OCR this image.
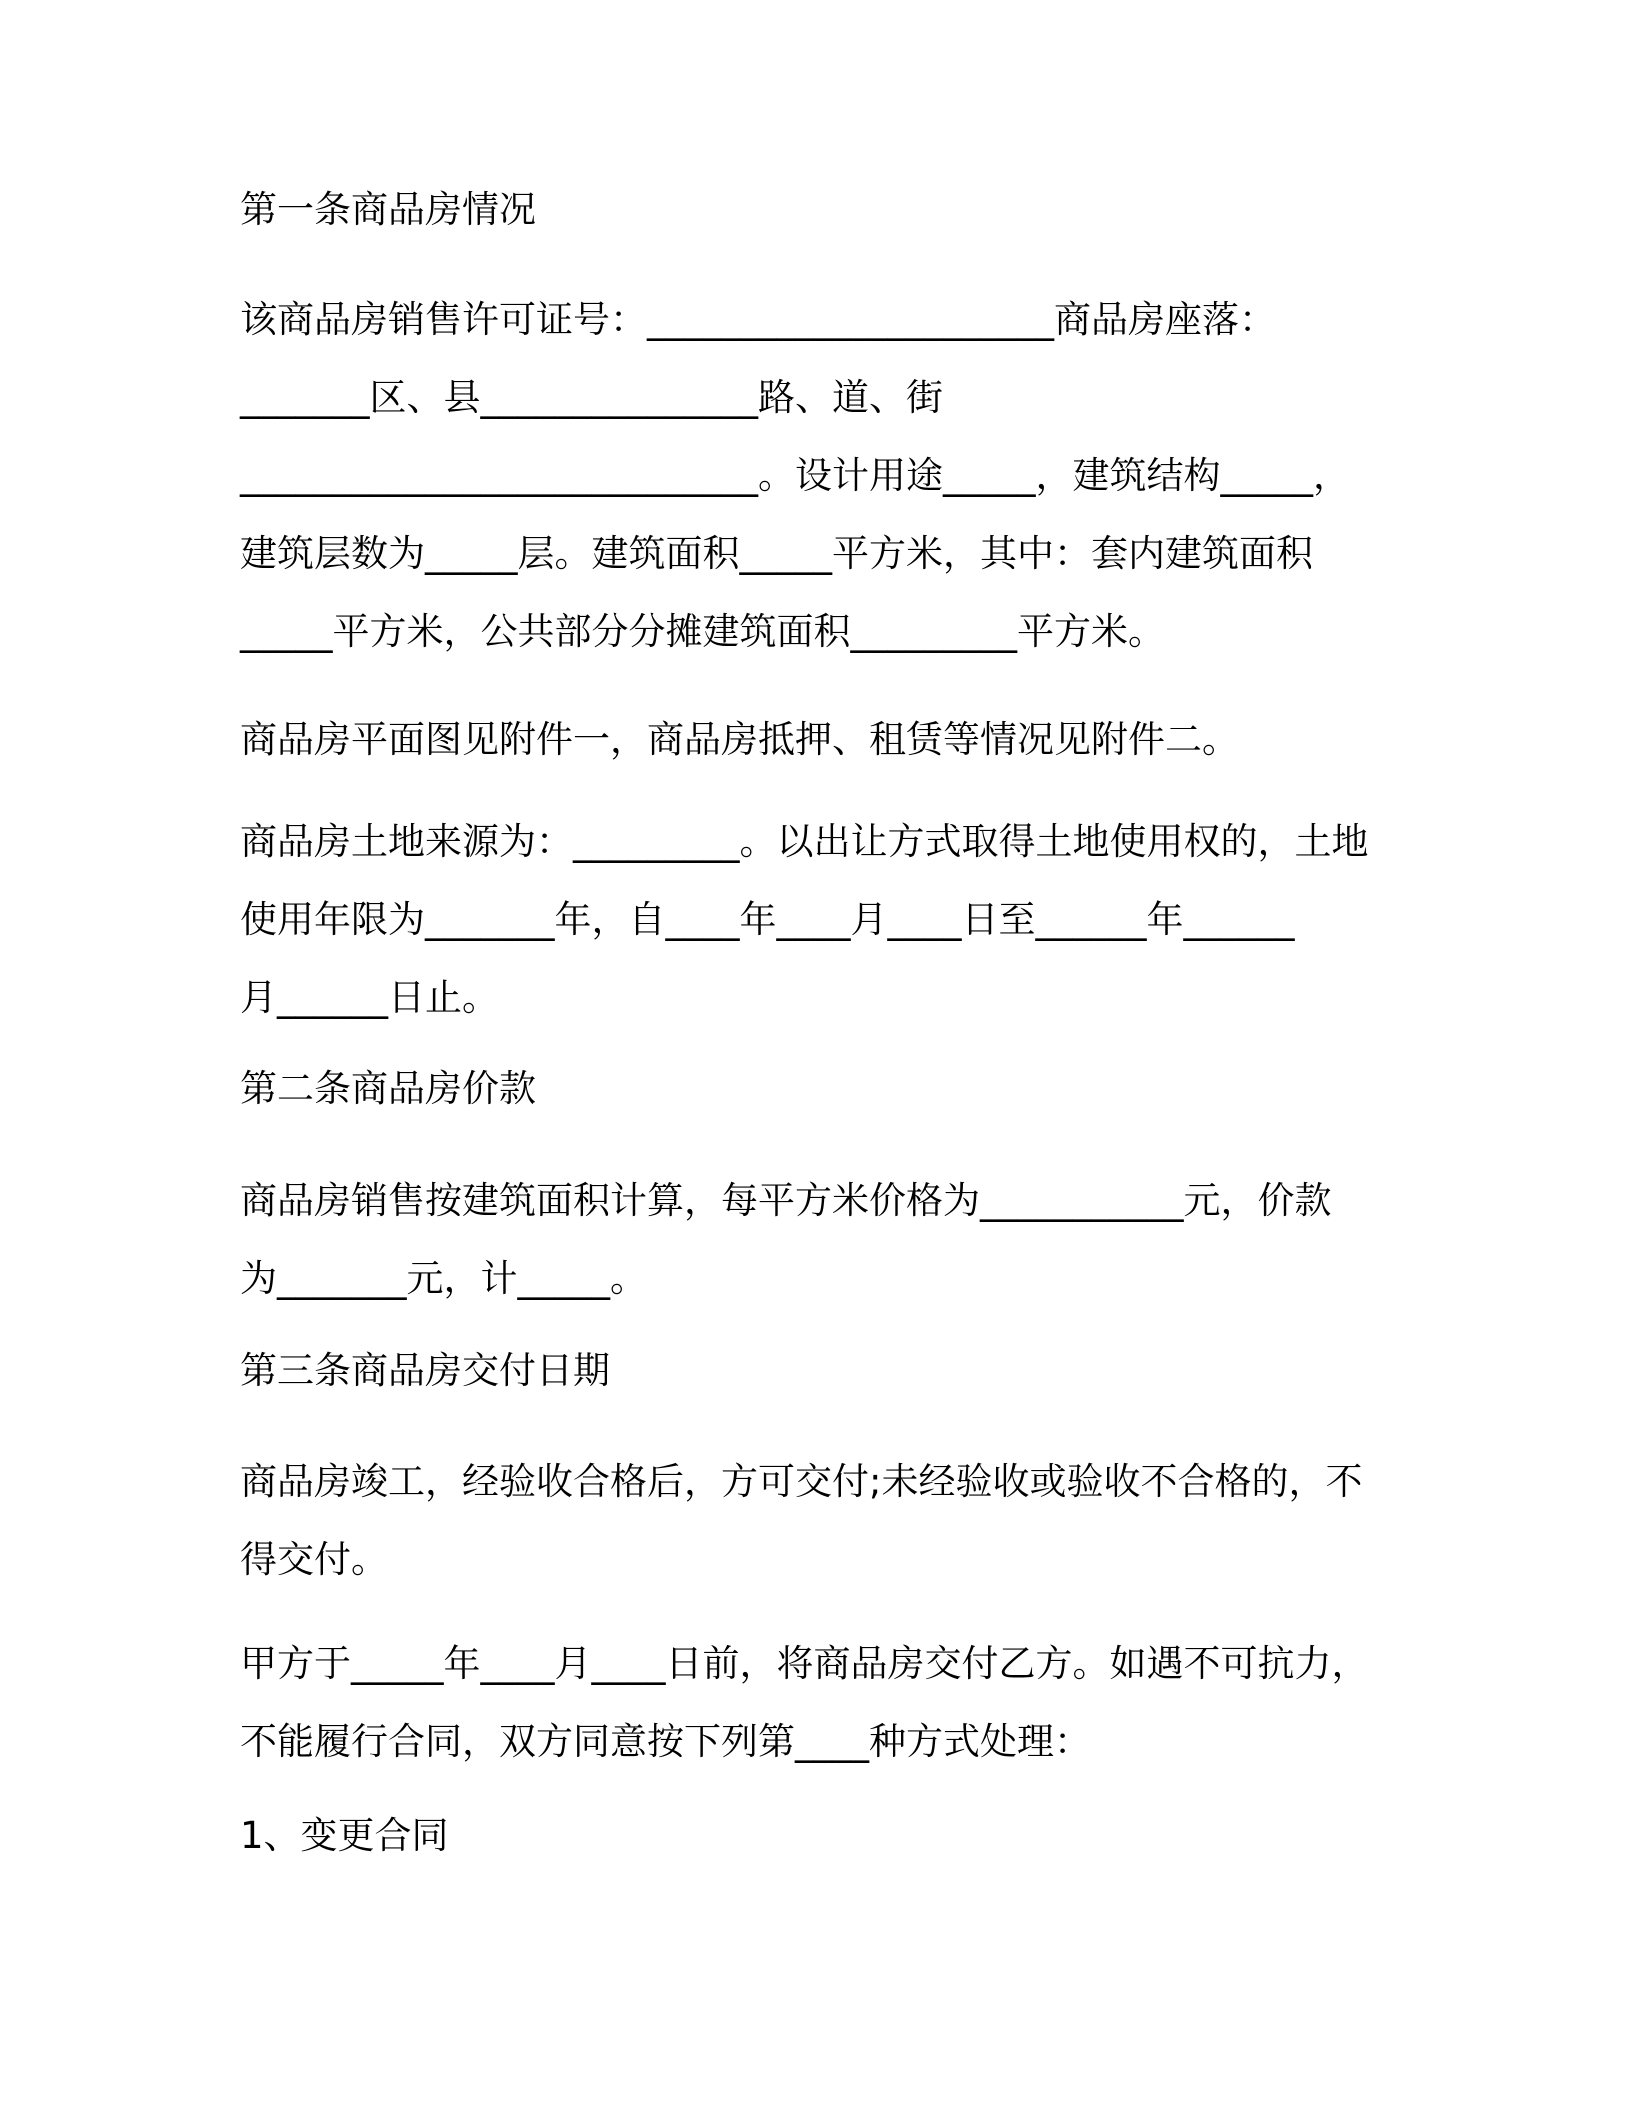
第一条商品房情况

该商品房销售许可证号：______________________商品房座落：
_______区、县_______________路、道、街
____________________________。设计用途_____，建筑结构_____，
建筑层数为_____层。建筑面积_____平方米，其中：套内建筑面积
_____平方米，公共部分分摊建筑面积_________平方米。
商品房平面图见附件一，商品房抵押、租赁等情况见附件二。
商品房土地来源为：_________。以出让方式取得土地使用权的，土地
使用年限为_______年，自____年____月____日至______年______
月______日止。

第二条商品房价款

商品房销售按建筑面积计算，每平方米价格为___________元，价款
为_______元，计_____。

第三条商品房交付日期

商品房竣工，经验收合格后，方可交付;未经验收或验收不合格的，不
得交付。
甲方于_____年____月____日前，将商品房交付乙方。如遇不可抗力，
不能履行合同，双方同意按下列第____种方式处理：

1、变更合同
